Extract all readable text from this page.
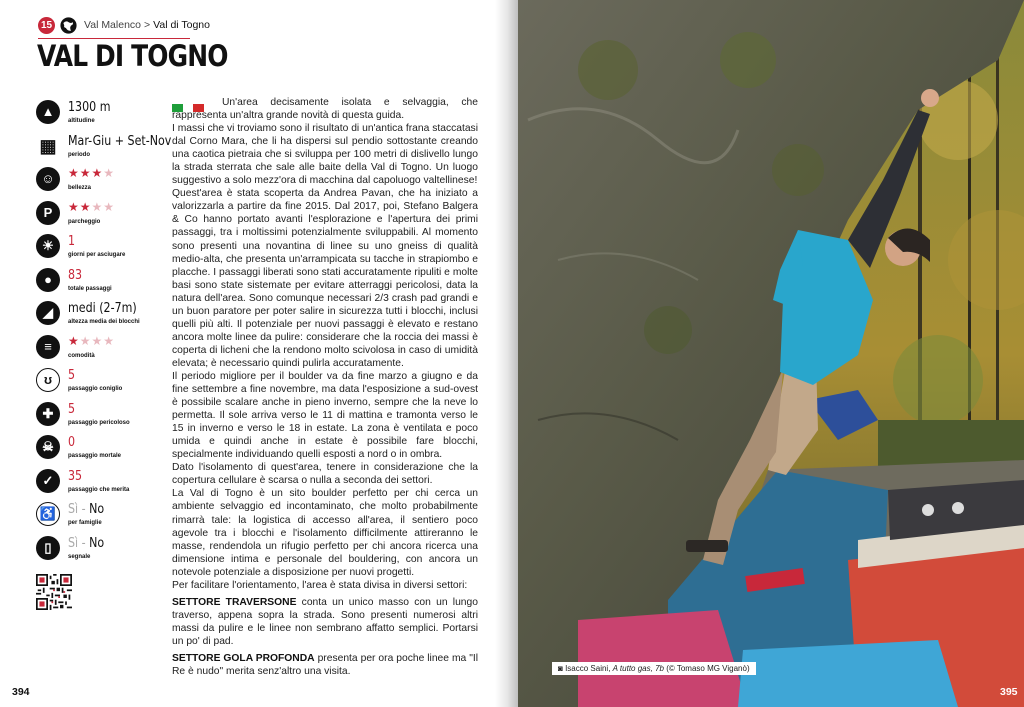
15	Val Malenco > Val di Togno
VAL DI TOGNO
▲	1300 m
altitudine
▦ Mar-Giu + Set-Nov
periodo
☺	★★★★
bellezza
P	★★★★
parcheggio
☀	1
giorni per asciugare
●	83
totale passaggi
◢	medi (2-7m)
altezza media dei blocchi
≡	★★★★
comodità
ʊ	5
passaggio coniglio
✚	5
passaggio pericoloso
☠	0
passaggio mortale
✓	35
passaggio che merita
♿ Sì - No
per famiglie
▯	Sì - No
segnale

Un'area decisamente isolata e selvaggia, che rappresenta un'altra grande novità di questa guida.

I massi che vi troviamo sono il risultato di un'antica frana staccatasi dal Corno Mara, che li ha dispersi sul pendio sottostante creando una caotica pietraia che si sviluppa per 100 metri di dislivello lungo la strada sterrata che sale alle baite della Val di Togno. Un luogo suggestivo a solo mezz'ora di macchina dal capoluogo valtellinese!

Quest'area è stata scoperta da Andrea Pavan, che ha iniziato a valorizzarla a partire da fine 2015. Dal 2017, poi, Stefano Balgera & Co hanno portato avanti l'esplorazione e l'apertura dei primi passaggi, tra i moltissimi potenzialmente sviluppabili. Al momento sono presenti una novantina di linee su uno gneiss di qualità medio-alta, che presenta un'arrampicata su tacche in strapiombo e placche. I passaggi liberati sono stati accuratamente ripuliti e molte basi sono state sistemate per evitare atterraggi pericolosi, data la natura dell'area. Sono comunque necessari 2/3 crash pad grandi e un buon paratore per poter salire in sicurezza tutti i blocchi, inclusi quelli più alti. Il potenziale per nuovi passaggi è elevato e restano ancora molte linee da pulire: considerare che la roccia dei massi è coperta di licheni che la rendono molto scivolosa in caso di umidità elevata; è necessario quindi pulirla accuratamente.

Il periodo migliore per il boulder va da fine marzo a giugno e da fine settembre a fine novembre, ma data l'esposizione a sud-ovest è possibile scalare anche in pieno inverno, sempre che la neve lo permetta. Il sole arriva verso le 11 di mattina e tramonta verso le 15 in inverno e verso le 18 in estate. La zona è ventilata e poco umida e quindi anche in estate è possibile fare blocchi, specialmente individuando quelli esposti a nord o in ombra.

Dato l'isolamento di quest'area, tenere in considerazione che la copertura cellulare è scarsa o nulla a seconda dei settori.

La Val di Togno è un sito boulder perfetto per chi cerca un ambiente selvaggio ed incontaminato, che molto probabilmente rimarrà tale: la logistica di accesso all'area, il sentiero poco agevole tra i blocchi e l'isolamento difficilmente attireranno le masse, rendendola un rifugio perfetto per chi ancora ricerca una dimensione intima e personale del bouldering, con ancora un notevole potenziale a disposizione per nuovi progetti.

Per facilitare l'orientamento, l'area è stata divisa in diversi settori:

SETTORE TRAVERSONE conta un unico masso con un lungo traverso, appena sopra la strada. Sono presenti numerosi altri massi da pulire e le linee non sembrano affatto semplici. Portarsi un po' di pad.

SETTORE GOLA PROFONDA presenta per ora poche linee ma "Il Re è nudo" merita senz'altro una visita.

394
◙ Isacco Saini, A tutto gas, 7b (© Tomaso MG Viganò)
395
